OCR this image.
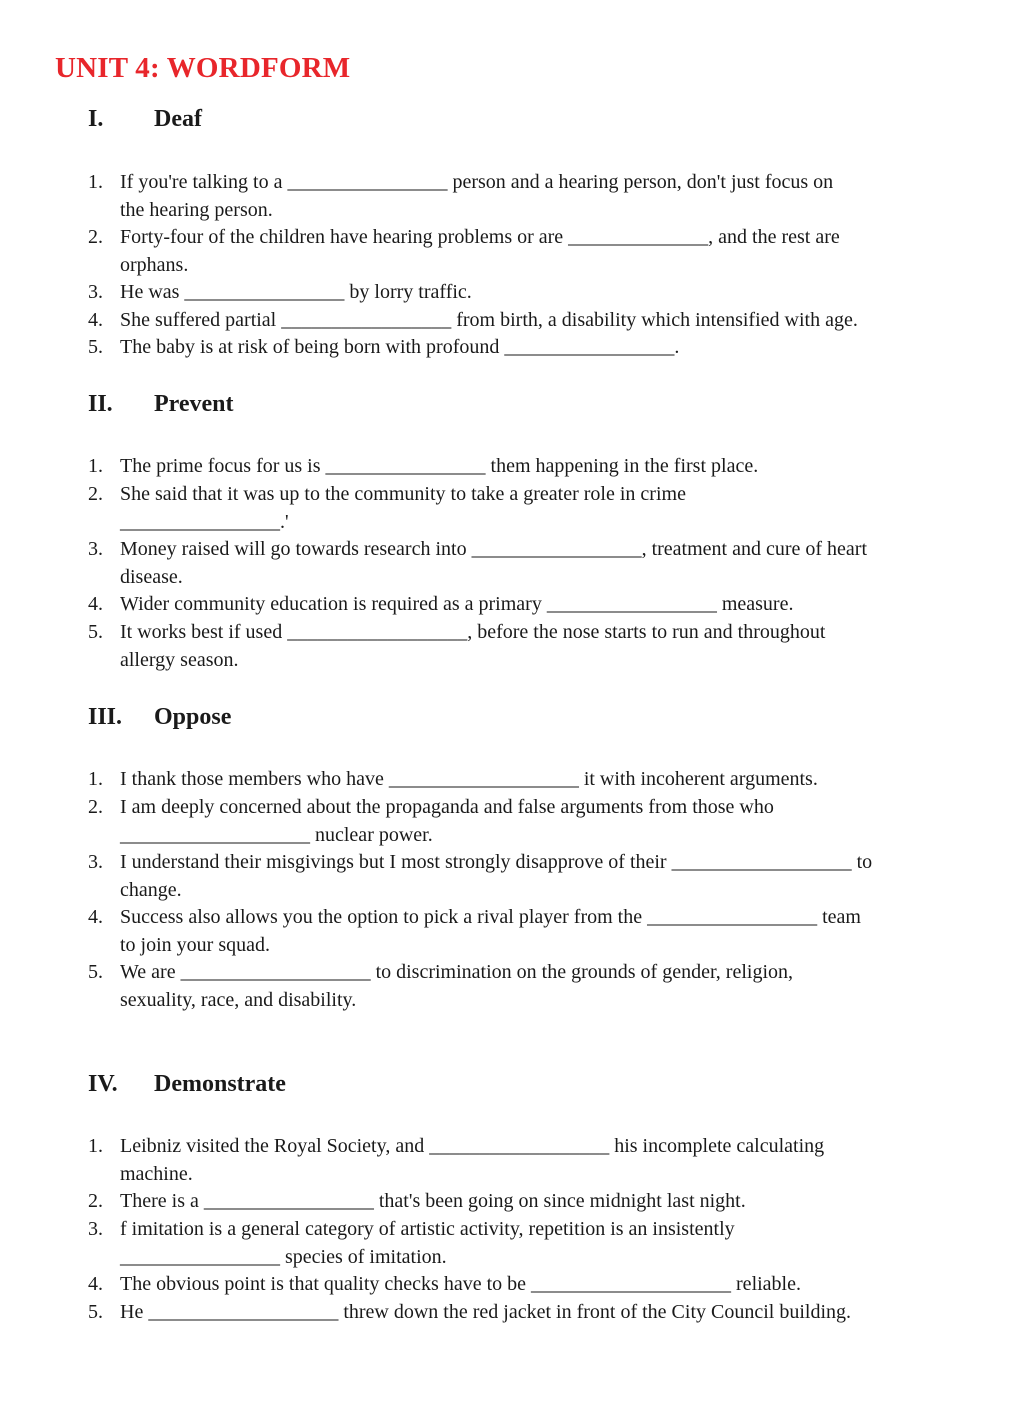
UNIT 4: WORDFORM
I. Deaf
1. If you're talking to a ________________ person and a hearing person, don't just focus on
the hearing person.
2. Forty-four of the children have hearing problems or are ______________, and the rest are
orphans.
3. He was ________________ by lorry traffic.
4. She suffered partial _________________ from birth, a disability which intensified with age.
5. The baby is at risk of being born with profound _________________.
II. Prevent
1. The prime focus for us is ________________ them happening in the first place.
2. She said that it was up to the community to take a greater role in crime
________________.'
3. Money raised will go towards research into _________________, treatment and cure of heart
disease.
4. Wider community education is required as a primary _________________ measure.
5. It works best if used __________________, before the nose starts to run and throughout
allergy season.
III. Oppose
1. I thank those members who have ___________________ it with incoherent arguments.
2. I am deeply concerned about the propaganda and false arguments from those who
___________________ nuclear power.
3. I understand their misgivings but I most strongly disapprove of their __________________ to
change.
4. Success also allows you the option to pick a rival player from the _________________ team
to join your squad.
5. We are ___________________ to discrimination on the grounds of gender, religion,
sexuality, race, and disability.
IV. Demonstrate
1. Leibniz visited the Royal Society, and __________________ his incomplete calculating
machine.
2. There is a _________________ that's been going on since midnight last night.
3. f imitation is a general category of artistic activity, repetition is an insistently
________________ species of imitation.
4. The obvious point is that quality checks have to be ____________________ reliable.
5. He ___________________ threw down the red jacket in front of the City Council building.
